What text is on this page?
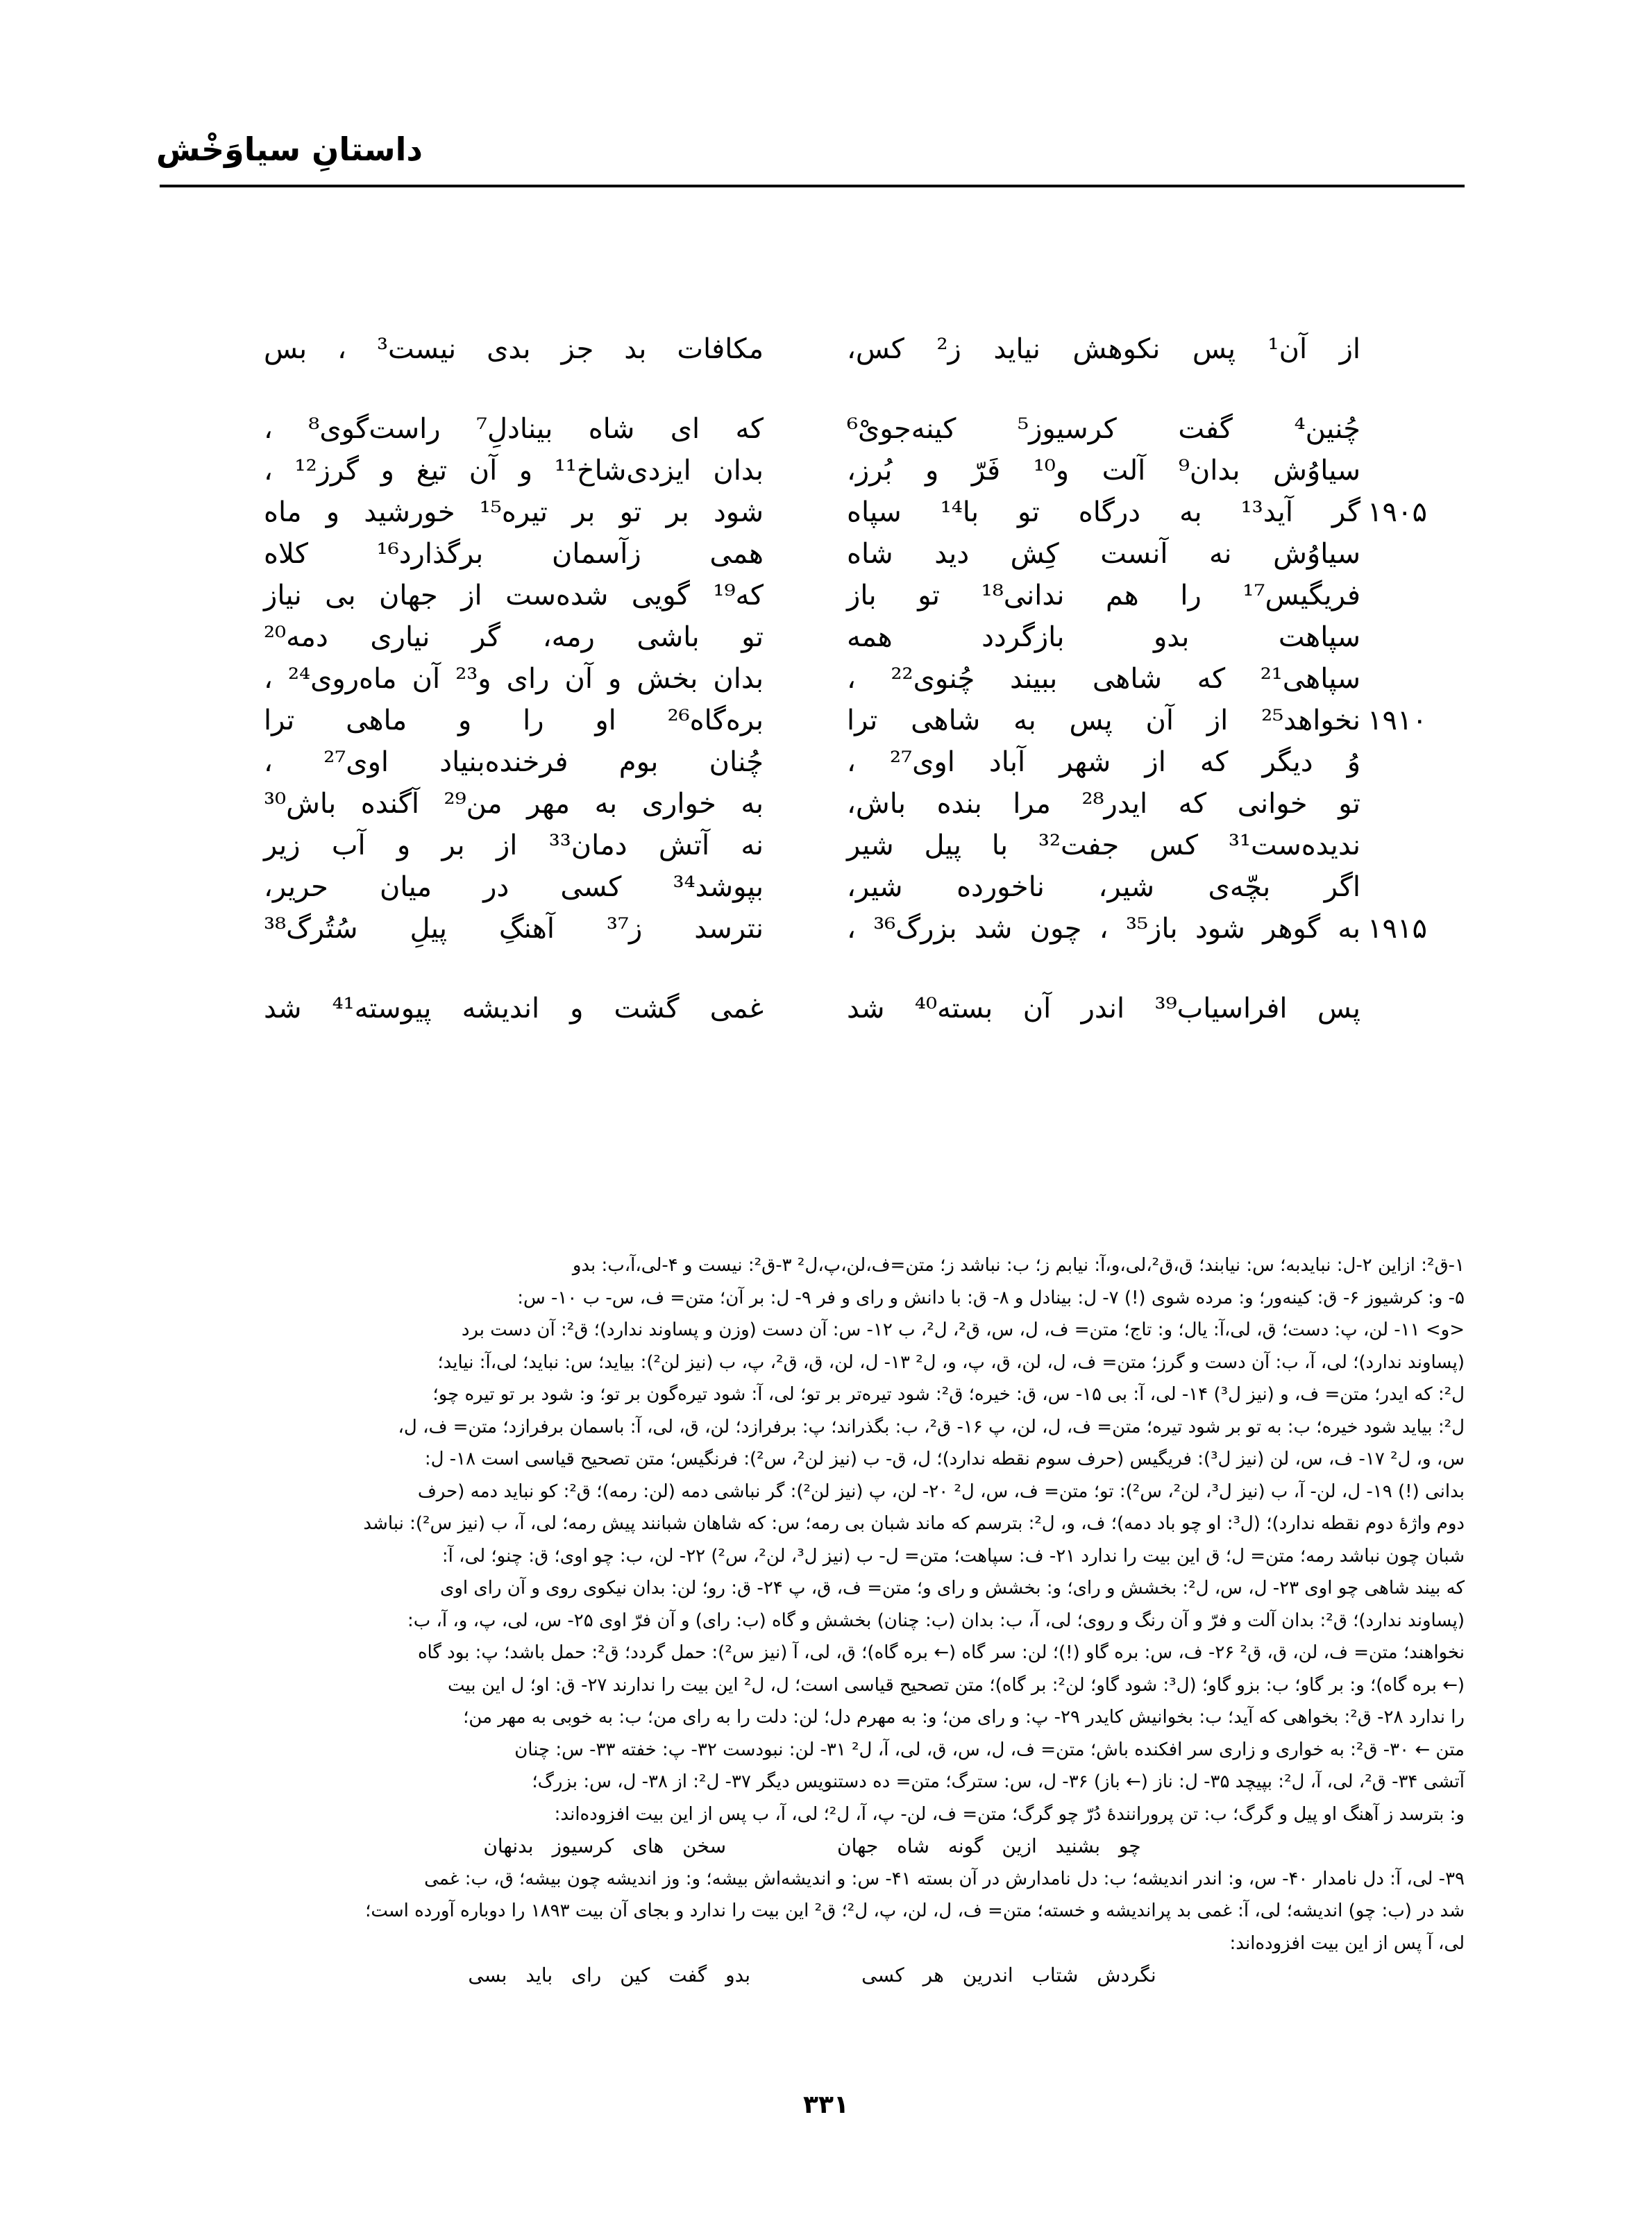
داستانِ سیاوَخْش
از آن¹ پس نکوهش نیاید ز² کس،
مکافات بد جز بدی نیست³ ، بس
چُنین⁴ گفت کرسیوز⁵ کینه‌جویْ⁶
که ای شاه بینادلِ⁷ راست‌گوی⁸ ،
سیاوُش بدان⁹ آلت و¹⁰ فَرّ و بُرز،
بدان ایزدی‌شاخ¹¹ و آن تیغ و گرز¹² ،
۱۹۰۵
گر آید¹³ به درگاه تو با¹⁴ سپاه
شود بر تو بر تیره¹⁵ خورشید و ماه
سیاوُش نه آنست کِش دید شاه
همی زآسمان برگذارد¹⁶ کلاه
فریگیس¹⁷ را هم ندانی¹⁸ تو باز
که¹⁹ گویی شده‌ست از جهان بی نیاز
سپاهت بدو بازگردد همه
تو باشی رمه، گر نیاری دمه²⁰
سپاهی²¹ که شاهی ببیند چُنوی²² ،
بدان بخش و آن رای و²³ آن ماه‌روی²⁴ ،
۱۹۱۰
نخواهد²⁵ از آن پس به شاهی ترا
بره‌گاه²⁶ او را و ماهی ترا
وُ دیگر که از شهر آباد اوی²⁷ ،
چُنان بوم فرخنده‌بنیاد اوی²⁷ ،
تو خوانی که ایدر²⁸ مرا بنده باش،
به خواری به مهر من²⁹ آگنده باش³⁰
ندیده‌ست³¹ کس جفت³² با پیل شیر
نه آتش دمان³³ از بر و آب زیر
اگر بچّه‌ی شیر، ناخورده شیر،
بپوشد³⁴ کسی در میان حریر،
۱۹۱۵
به گوهر شود باز³⁵ ، چون شد بزرگ³⁶ ،
نترسد ز³⁷ آهنگِ پیلِ سُتُرگ³⁸
پس افراسیاب³⁹ اندر آن بسته⁴⁰ شد
غمی گشت و اندیشه پیوسته⁴¹ شد

۱-ق²: ازاین ۲-ل: نباید‌به؛ س: نیابند؛ ق،ق²،لی،و،آ: نیابم ز؛ ب: نباشد ز؛ متن=ف،لن،پ،ل² ۳-ق²: نیست و ۴-لی،آ،ب: بدو

۵- و: کرشیوز ۶- ق: کینه‌ور؛ و: مرده شوی (!) ۷- ل: بینادل و ۸- ق: با دانش و رای و فر ۹- ل: بر آن؛ متن= ف، س- ب ۱۰- س:

<و> ۱۱- لن، پ: دست؛ ق، لی،آ: یال؛ و: تاج؛ متن= ف، ل، س، ق²، ل²، ب ۱۲- س: آن دست (وزن و پساوند ندارد)؛ ق²: آن دست برد

(پساوند ندارد)؛ لی، آ، ب: آن دست و گرز؛ متن= ف، ل، لن، ق، پ، و، ل² ۱۳- ل، لن، ق، ق²، پ، ب (نیز لن²): بیاید؛ س: نباید؛ لی،آ: نیاید؛

ل²: که ایدر؛ متن= ف، و (نیز ل³) ۱۴- لی، آ: بی ۱۵- س، ق: خیره؛ ق²: شود تیره‌تر بر تو؛ لی، آ: شود تیره‌گون بر تو؛ و: شود بر تو تیره چو؛

ل²: بیاید شود خیره؛ ب: به تو بر شود تیره؛ متن= ف، ل، لن، پ ۱۶- ق²، ب: بگذراند؛ پ: برفرازد؛ لن، ق، لی، آ: باسمان برفرازد؛ متن= ف، ل،

س، و، ل² ۱۷- ف، س، لن (نیز ل³): فریگیس (حرف سوم نقطه ندارد)؛ ل، ق- ب (نیز لن²، س²): فرنگیس؛ متن تصحیح قیاسی است ۱۸- ل:

بدانی (!) ۱۹- ل، لن- آ، ب (نیز ل³، لن²، س²): تو؛ متن= ف، س، ل² ۲۰- لن، پ (نیز لن²): گر نباشی دمه (لن: رمه)؛ ق²: کو نباید دمه (حرف

دوم واژهٔ دوم نقطه ندارد)؛ (ل³: او چو باد دمه)؛ ف، و، ل²: بترسم که ماند شبان بی رمه؛ س: که شاهان شبانند پیش رمه؛ لی، آ، ب (نیز س²): نباشد

شبان چون نباشد رمه؛ متن= ل؛ ق این بیت را ندارد ۲۱- ف: سپاهت؛ متن= ل- ب (نیز ل³، لن²، س²) ۲۲- لن، ب: چو اوی؛ ق: چنو؛ لی، آ:

که بیند شاهی چو اوی ۲۳- ل، س، ل²: بخشش و رای؛ و: بخشش و رای و؛ متن= ف، ق، پ ۲۴- ق: رو؛ لن: بدان نیکوی روی و آن رای اوی

(پساوند ندارد)؛ ق²: بدان آلت و فرّ و آن رنگ و روی؛ لی، آ، ب: بدان (ب: چنان) بخشش و گاه (ب: رای) و آن فرّ اوی ۲۵- س، لی، پ، و، آ، ب:

نخواهند؛ متن= ف، لن، ق، ق² ۲۶- ف، س: بره گاو (!)؛ لن: سر گاه (← بره گاه)؛ ق، لی، آ (نیز س²): حمل گردد؛ ق²: حمل باشد؛ پ: بود گاه

(← بره گاه)؛ و: بر گاو؛ ب: بزو گاو؛ (ل³: شود گاو؛ لن²: بر گاه)؛ متن تصحیح قیاسی است؛ ل، ل² این بیت را ندارند ۲۷- ق: او؛ ل این بیت

را ندارد ۲۸- ق²: بخواهی که آید؛ ب: بخوانیش کایدر ۲۹- پ: و رای من؛ و: به مهرم دل؛ لن: دلت را به رای من؛ ب: به خوبی به مهر من؛

متن ← ۳۰- ق²: به خواری و زاری سر افکنده باش؛ متن= ف، ل، س، ق، لی، آ، ل² ۳۱- لن: نبودست ۳۲- پ: خفته ۳۳- س: چنان

آتشی ۳۴- ق²، لی، آ، ل²: بپیچد ۳۵- ل: ناز (← باز) ۳۶- ل، س: سترگ؛ متن= ده دستنویس دیگر ۳۷- ل²: از ۳۸- ل، س: بزرگ؛

و: بترسد ز آهنگ او پیل و گرگ؛ ب: تن پرورانندهٔ دُرّ چو گرگ؛ متن= ف، لن- پ، آ، ل²؛ لی، آ، ب پس از این بیت افزوده‌اند:

چو بشنید ازین گونه شاه جهان
سخن های کرسیوز بدنهان

۳۹- لی، آ: دل نامدار ۴۰- س، و: اندر اندیشه؛ ب: دل نامدارش در آن بسته ۴۱- س: و اندیشه‌اش بیشه؛ و: وز اندیشه چون بیشه؛ ق، ب: غمی

شد در (ب: چو) اندیشه؛ لی، آ: غمی بد پراندیشه و خسته؛ متن= ف، ل، لن، پ، ل²؛ ق² این بیت را ندارد و بجای آن بیت ۱۸۹۳ را دوباره آورده است؛

لی، آ پس از این بیت افزوده‌اند:

نگردش شتاب اندرین هر کسی
بدو گفت کین رای باید بسی
۳۳۱
